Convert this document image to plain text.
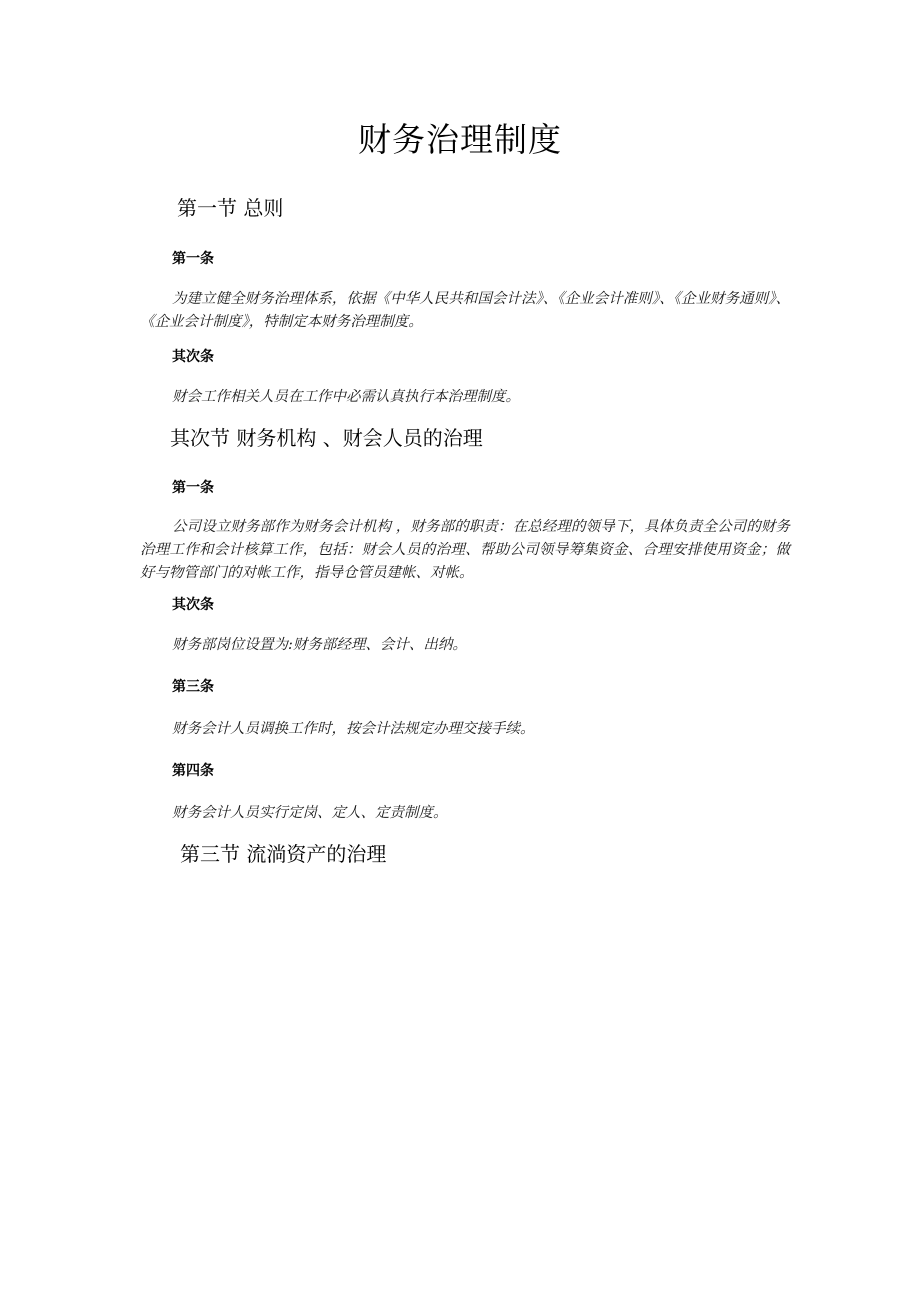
财务治理制度
第一节 总则
第一条

为建立健全财务治理体系，依据《中华人民共和国会计法》、《企业会计准则》、《企业财务通则》、《企业会计制度》，特制定本财务治理制度。

其次条

财会工作相关人员在工作中必需认真执行本治理制度。

其次节 财务机构 、财会人员的治理
第一条

公司设立财务部作为财务会计机构 ，财务部的职责：在总经理的领导下，具体负责全公司的财务治理工作和会计核算工作，包括：财会人员的治理、帮助公司领导筹集资金、合理安排使用资金；做好与物管部门的对帐工作，指导仓管员建帐、对帐。

其次条

财务部岗位设置为:财务部经理、会计、出纳。

第三条

财务会计人员调换工作时，按会计法规定办理交接手续。

第四条

财务会计人员实行定岗、定人、定责制度。

第三节 流淌资产的治理
